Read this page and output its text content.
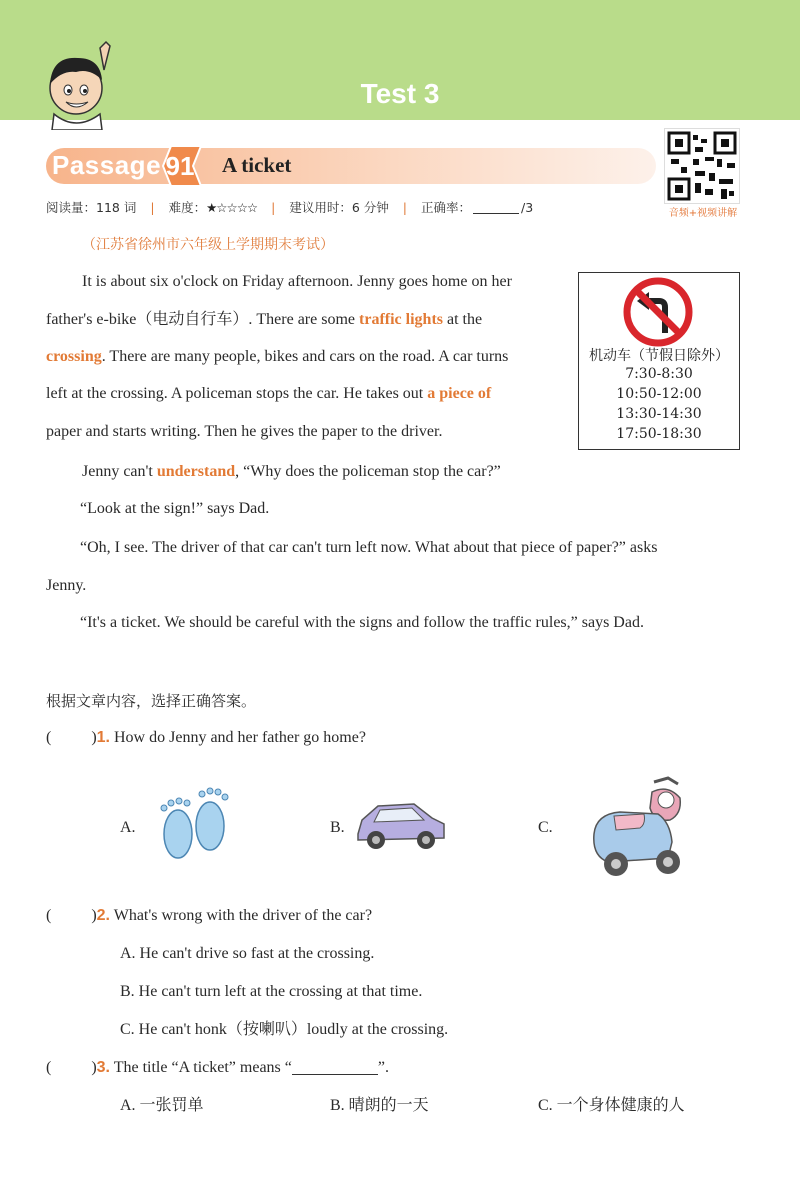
Test 3
Passage 91	A ticket
阅读量：118 词 | 难度：★☆☆☆☆ | 建议用时：6 分钟 | 正确率：	/3	音频+视频讲解
（江苏省徐州市六年级上学期期末考试）
机动车（节假日除外）
7:30-8:30
10:50-12:00
13:30-14:30
17:50-18:30
It is about six o'clock on Friday afternoon. Jenny goes home on her
father's e-bike（电动自行车）. There are some traffic lights at the
crossing. There are many people, bikes and cars on the road. A car turns
left at the crossing. A policeman stops the car. He takes out a piece of
paper and starts writing. Then he gives the paper to the driver.
Jenny can't understand, “Why does the policeman stop the car?”
“Look at the sign!” says Dad.
“Oh, I see. The driver of that car can't turn left now. What about that piece of paper?” asks
Jenny.
“It's a ticket. We should be careful with the signs and follow the traffic rules,” says Dad.
根据文章内容，选择正确答案。
(	)1. How do Jenny and her father go home?
A.	B.	C.
(	)2. What's wrong with the driver of the car?
A. He can't drive so fast at the crossing.
B. He can't turn left at the crossing at that time.
C. He can't honk（按喇叭）loudly at the crossing.
(	)3. The title “A ticket” means “	”.
A. 一张罚单	B. 晴朗的一天	C. 一个身体健康的人
